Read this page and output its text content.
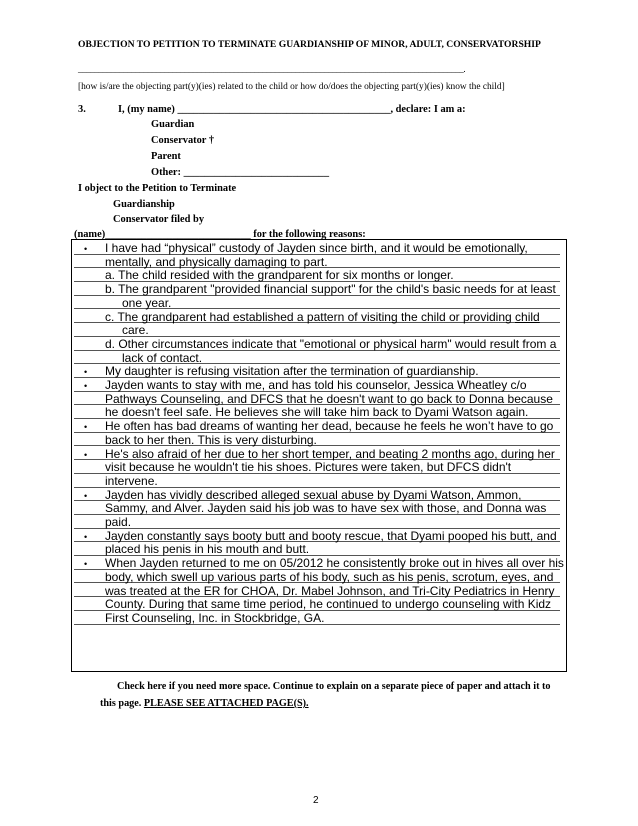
OBJECTION TO PETITION TO TERMINATE GUARDIANSHIP OF MINOR, ADULT, CONSERVATORSHIP
______________________________________________________________________________________________.
[how is/are the objecting part(y)(ies) related to the child or how do/does the objecting part(y)(ies) know the child]
3.	I, (my name) _________________________________________, declare: I am a:
Guardian
Conservator †
Parent
Other: ____________________________
I object to the Petition to Terminate
Guardianship
Conservator filed by
(name)____________________________ for the following reasons:
• I have had “physical” custody of Jayden since birth, and it would be emotionally,
mentally, and physically damaging to part.
a. The child resided with the grandparent for six months or longer.
b. The grandparent "provided financial support" for the child's basic needs for at least
one year.
c. The grandparent had established a pattern of visiting the child or providing child
care.
d. Other circumstances indicate that "emotional or physical harm" would result from a
lack of contact.
• My daughter is refusing visitation after the termination of guardianship.
• Jayden wants to stay with me, and has told his counselor, Jessica Wheatley c/o
Pathways Counseling, and DFCS that he doesn't want to go back to Donna because
he doesn't feel safe. He believes she will take him back to Dyami Watson again.
• He often has bad dreams of wanting her dead, because he feels he won’t have to go
back to her then. This is very disturbing.
• He's also afraid of her due to her short temper, and beating 2 months ago, during her
visit because he wouldn't tie his shoes. Pictures were taken, but DFCS didn't
intervene.
• Jayden has vividly described alleged sexual abuse by Dyami Watson, Ammon,
Sammy, and Alver. Jayden said his job was to have sex with those, and Donna was
paid.
• Jayden constantly says booty butt and booty rescue, that Dyami pooped his butt, and
placed his penis in his mouth and butt.
• When Jayden returned to me on 05/2012 he consistently broke out in hives all over his
body, which swell up various parts of his body, such as his penis, scrotum, eyes, and
was treated at the ER for CHOA, Dr. Mabel Johnson, and Tri-City Pediatrics in Henry
County. During that same time period, he continued to undergo counseling with Kidz
First Counseling, Inc. in Stockbridge, GA.
Check here if you need more space. Continue to explain on a separate piece of paper and attach it to this page. PLEASE SEE ATTACHED PAGE(S).
2
